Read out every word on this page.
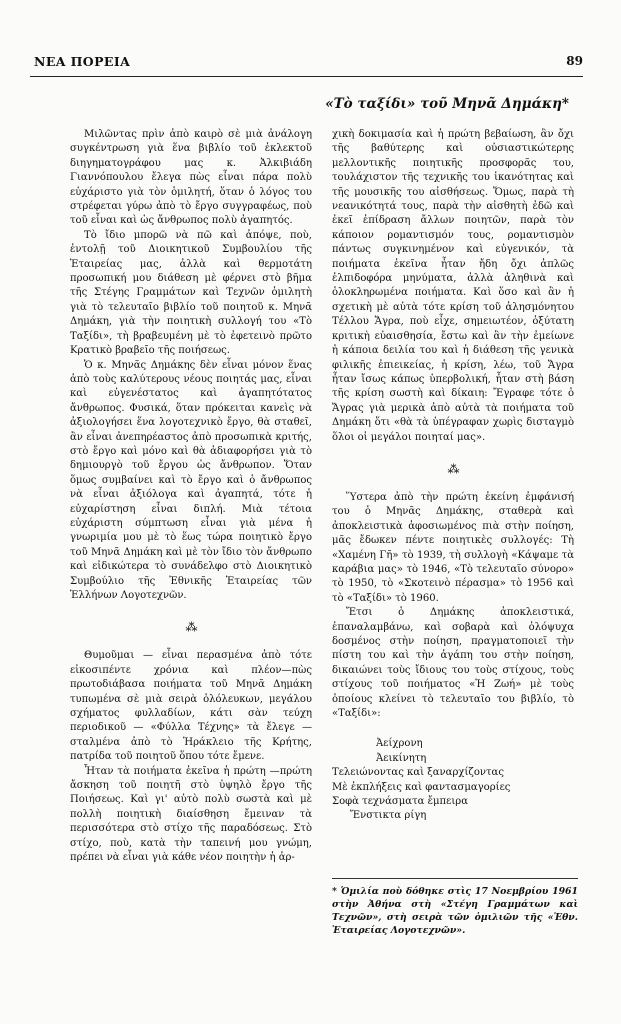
ΝΕΑ ΠΟΡΕΙΑ	89
«Τὸ ταξίδι» τοῦ Μηνᾶ Δημάκη*

Μιλῶντας πρὶν ἀπὸ καιρὸ σὲ μιὰ ἀνάλογη συγκέντρωση γιὰ ἕνα βιβλίο τοῦ ἐκλεκτοῦ διηγηματογράφου μας κ. Ἀλκιβιάδη Γιαννόπουλου ἔλεγα πὼς εἶναι πάρα πολὺ εὐχάριστο γιὰ τὸν ὁμιλητή, ὅταν ὁ λόγος του στρέφεται γύρω ἀπὸ τὸ ἔργο συγγραφέως, ποὺ τοῦ εἶναι καὶ ὡς ἄνθρωπος πολὺ ἀγαπητός.

Τὸ ἴδιο μπορῶ νὰ πῶ καὶ ἀπόψε, ποὺ, ἐντολῇ τοῦ Διοικητικοῦ Συμβουλίου τῆς Ἑταιρείας μας, ἀλλὰ καὶ θερμοτάτη προσωπική μου διάθεση μὲ φέρνει στὸ βῆμα τῆς Στέγης Γραμμάτων καὶ Τεχνῶν ὁμιλητὴ γιὰ τὸ τελευταῖο βιβλίο τοῦ ποιητοῦ κ. Μηνᾶ Δημάκη, γιὰ τὴν ποιητικὴ συλλογή του «Τὸ Ταξίδι», τὴ βραβευμένη μὲ τὸ ἐφετεινὸ πρῶτο Κρατικὸ βραβεῖο τῆς ποιήσεως.

Ὁ κ. Μηνᾶς Δημάκης δὲν εἶναι μόνον ἕνας ἀπὸ τοὺς καλύτερους νέους ποιητάς μας, εἶναι καὶ εὐγενέστατος καὶ ἀγαπητότατος ἄνθρωπος. Φυσικά, ὅταν πρόκειται κανεὶς νὰ ἀξιολογήσει ἕνα λογοτεχνικὸ ἔργο, θὰ σταθεῖ, ἂν εἶναι ἀνεπηρέαστος ἀπὸ προσωπικὰ κριτής, στὸ ἔργο καὶ μόνο καὶ θὰ ἀδιαφορήσει γιὰ τὸ δημιουργὸ τοῦ ἔργου ὡς ἄνθρωπον. Ὅταν ὅμως συμβαίνει καὶ τὸ ἔργο καὶ ὁ ἄνθρωπος νὰ εἶναι ἀξιόλογα καὶ ἀγαπητά, τότε ἡ εὐχαρίστηση εἶναι διπλή. Μιὰ τέτοια εὐχάριστη σύμπτωση εἶναι γιὰ μένα ἡ γνωριμία μου μὲ τὸ ἕως τώρα ποιητικὸ ἔργο τοῦ Μηνᾶ Δημάκη καὶ μὲ τὸν ἴδιο τὸν ἄνθρωπο καὶ εἰδικώτερα τὸ συνάδελφο στὸ Διοικητικὸ Συμβούλιο τῆς Ἐθνικῆς Ἑταιρείας τῶν Ἑλλήνων Λογοτεχνῶν.

⁂

Θυμοῦμαι — εἶναι περασμένα ἀπὸ τότε εἰκοσιπέντε χρόνια καὶ πλέον—πὼς πρωτοδιάβασα ποιήματα τοῦ Μηνᾶ Δημάκη τυπωμένα σὲ μιὰ σειρὰ ὁλόλευκων, μεγάλου σχήματος φυλλαδίων, κάτι σὰν τεύχη περιοδικοῦ — «Φύλλα Τέχνης» τὰ ἔλεγε — σταλμένα ἀπὸ τὸ Ἡράκλειο τῆς Κρήτης, πατρίδα τοῦ ποιητοῦ ὅπου τότε ἔμενε.

Ἦταν τὰ ποιήματα ἐκεῖνα ἡ πρώτη —πρώτη ἄσκηση τοῦ ποιητῆ στὸ ὑψηλὸ ἔργο τῆς Ποιήσεως. Καὶ γι' αὐτὸ πολὺ σωστὰ καὶ μὲ πολλὴ ποιητικὴ διαίσθηση ἔμειναν τὰ περισσότερα στὸ στίχο τῆς παραδόσεως. Στὸ στίχο, ποὺ, κατὰ τὴν ταπεινή μου γνώμη, πρέπει νὰ εἶναι γιὰ κάθε νέον ποιητὴν ἡ ἀρ-

χικὴ δοκιμασία καὶ ἡ πρώτη βεβαίωση, ἂν ὄχι τῆς βαθύτερης καὶ οὐσιαστικώτερης μελλοντικῆς ποιητικῆς προσφορᾶς του, τουλάχιστον τῆς τεχνικῆς του ἱκανότητας καὶ τῆς μουσικῆς του αἰσθήσεως. Ὅμως, παρὰ τὴ νεανικότητά τους, παρὰ τὴν αἰσθητὴ ἐδῶ καὶ ἐκεῖ ἐπίδραση ἄλλων ποιητῶν, παρὰ τὸν κάποιον ρομαντισμόν τους, ρομαντισμὸν πάντως συγκινημένον καὶ εὐγενικόν, τὰ ποιήματα ἐκεῖνα ἦταν ἤδη ὄχι ἁπλῶς ἐλπιδοφόρα μηνύματα, ἀλλὰ ἀληθινὰ καὶ ὁλοκληρωμένα ποιήματα. Καὶ ὅσο καὶ ἂν ἡ σχετικὴ μὲ αὐτὰ τότε κρίση τοῦ ἀλησμόνητου Τέλλου Ἄγρα, ποὺ εἶχε, σημειωτέον, ὀξύτατη κριτικὴ εὐαισθησία, ἔστω καὶ ἂν τὴν ἐμείωνε ἡ κάποια δειλία του καὶ ἡ διάθεση τῆς γενικὰ φιλικῆς ἐπιεικείας, ἡ κρίση, λέω, τοῦ Ἄγρα ἦταν ἴσως κάπως ὑπερβολική, ἦταν στὴ βάση τῆς κρίση σωστὴ καὶ δίκαιη: Ἔγραφε τότε ὁ Ἄγρας γιὰ μερικὰ ἀπὸ αὐτὰ τὰ ποιήματα τοῦ Δημάκη ὅτι «θὰ τὰ ὑπέγραφαν χωρὶς δισταγμὸ ὅλοι οἱ μεγάλοι ποιηταί μας».

⁂

Ὕστερα ἀπὸ τὴν πρώτη ἐκείνη ἐμφάνισή του ὁ Μηνᾶς Δημάκης, σταθερὰ καὶ ἀποκλειστικὰ ἀφοσιωμένος πιὰ στὴν ποίηση, μᾶς ἔδωκεν πέντε ποιητικὲς συλλογές: Τὴ «Χαμένη Γῆ» τὸ 1939, τὴ συλλογὴ «Κάψαμε τὰ καράβια μας» τὸ 1946, «Τὸ τελευταῖο σύνορο» τὸ 1950, τὸ «Σκοτεινὸ πέρασμα» τὸ 1956 καὶ τὸ «Ταξίδι» τὸ 1960.

Ἔτσι ὁ Δημάκης ἀποκλειστικά, ἐπαναλαμβάνω, καὶ σοβαρὰ καὶ ὁλόψυχα δοσμένος στὴν ποίηση, πραγματοποιεῖ τὴν πίστη του καὶ τὴν ἀγάπη του στὴν ποίηση, δικαιώνει τοὺς ἴδιους του τοὺς στίχους, τοὺς στίχους τοῦ ποιήματος «Ἡ Ζωή» μὲ τοὺς ὁποίους κλείνει τὸ τελευταῖο του βιβλίο, τὸ «Ταξίδι»:

Ἀείχρονη
Ἀεικίνητη
Τελειώνοντας καὶ ξαναρχίζοντας
Μὲ ἐκπλήξεις καὶ φαντασμαγορίες
Σοφὰ τεχνάσματα ἔμπειρα
Ἔνστικτα ρίγη
* Ὁμιλία ποὺ δόθηκε στὶς 17 Νοεμβρίου 1961 στὴν Ἀθήνα στὴ «Στέγη Γραμμάτων καὶ Τεχνῶν», στὴ σειρὰ τῶν ὁμιλιῶν τῆς «Ἐθν. Ἑταιρείας Λογοτεχνῶν».
